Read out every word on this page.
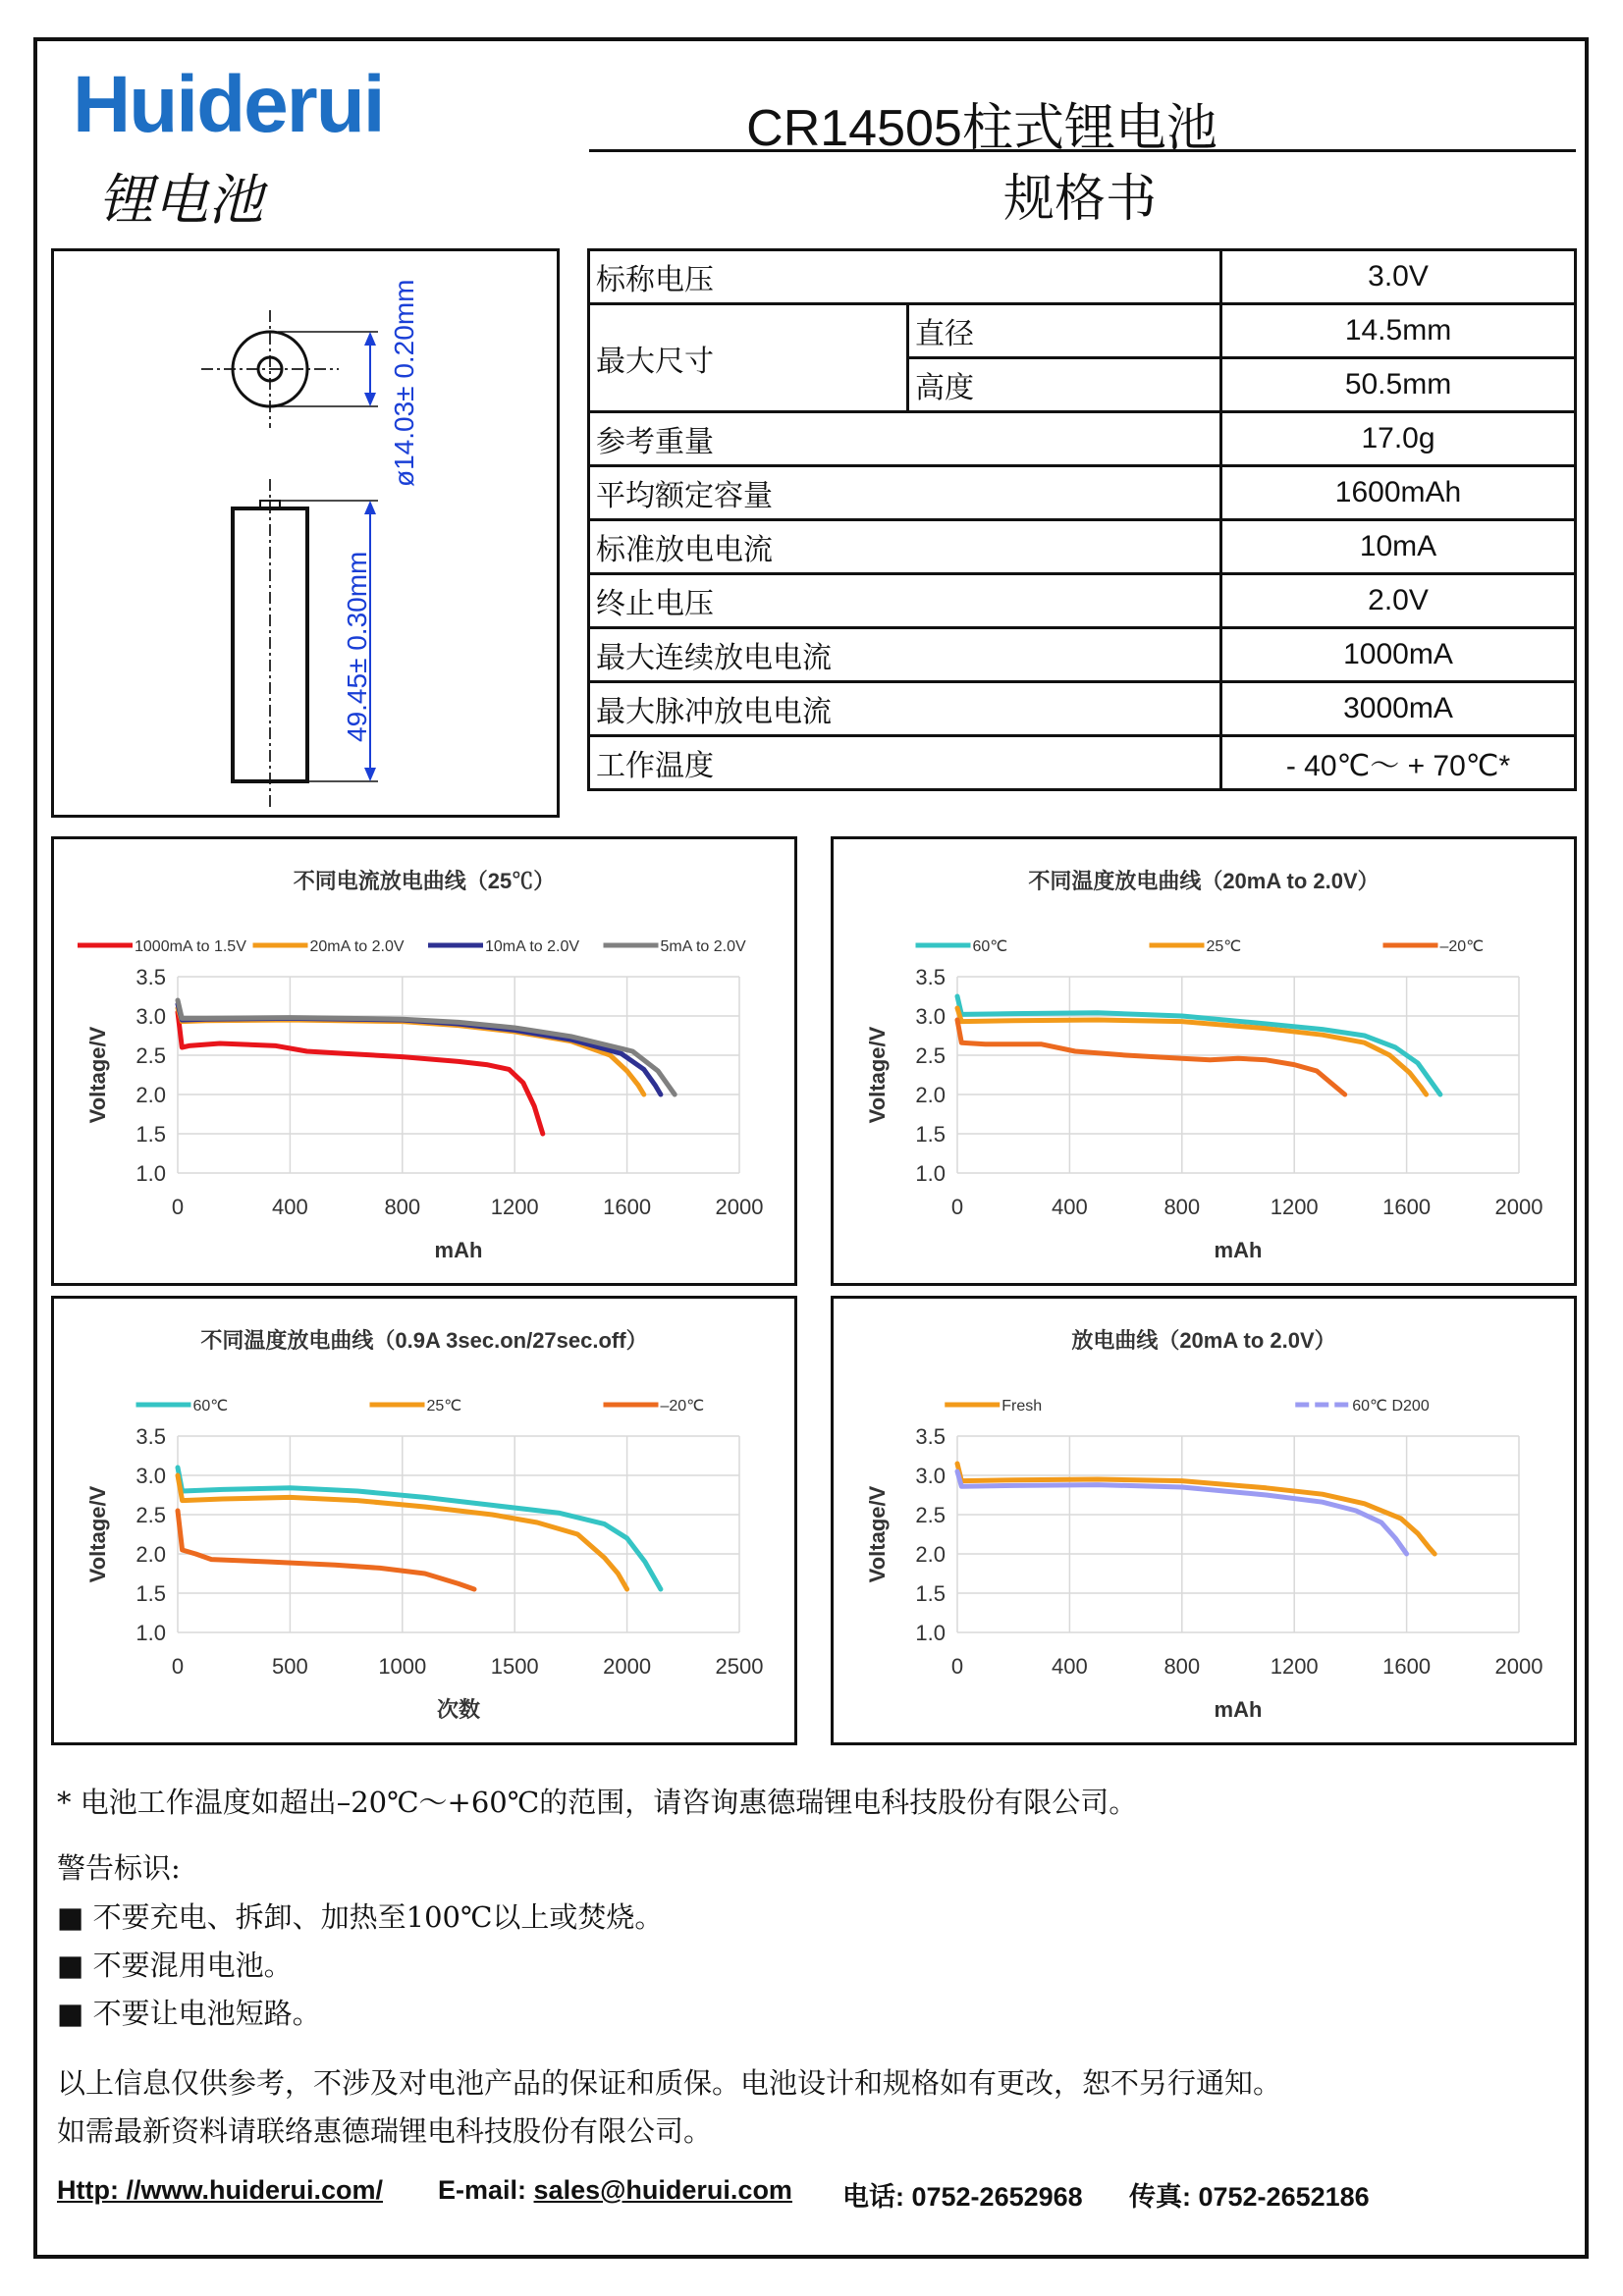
Huiderui
锂电池
CR14505柱式锂电池
规格书
ø14.03± 0.20mm
49.45± 0.30mm
标称电压		3.0V
最大尺寸	直径	14.5mm
	高度	50.5mm
参考重量		17.0g
平均额定容量		1600mAh
标准放电电流		10mA
终止电压		2.0V
最大连续放电电流		1000mA
最大脉冲放电电流		3000mA
工作温度		- 40℃～ + 70℃*
不同电流放电曲线（25℃）
1000mA to 1.5V	20mA to 2.0V	10mA to 2.0V	5mA to 2.0V
1.0
1.5
2.0
2.5
3.0
3.5
0	400	800	1200	1600	2000
mAh
Voltage/V
不同温度放电曲线（20mA to 2.0V）
60℃	25℃	–20℃
1.0
1.5
2.0
2.5
3.0
3.5
0	400	800	1200	1600	2000
mAh
Voltage/V
不同温度放电曲线（0.9A 3sec.on/27sec.off）
60℃	25℃	–20℃
1.0
1.5
2.0
2.5
3.0
3.5
0	500	1000	1500	2000	2500
次数
Voltage/V
放电曲线（20mA to 2.0V）
Fresh	60℃ D200
1.0
1.5
2.0
2.5
3.0
3.5
0	400	800	1200	1600	2000
mAh
Voltage/V
* 电池工作温度如超出–20℃～+60℃的范围，请咨询惠德瑞锂电科技股份有限公司。
警告标识:
■ 不要充电、拆卸、加热至100℃以上或焚烧。
■ 不要混用电池。
■ 不要让电池短路。
以上信息仅供参考，不涉及对电池产品的保证和质保。电池设计和规格如有更改，恕不另行通知。
如需最新资料请联络惠德瑞锂电科技股份有限公司。
Http: //www.huiderui.com/ E-mail: sales@huiderui.com 电话: 0752-2652968 传真: 0752-2652186
